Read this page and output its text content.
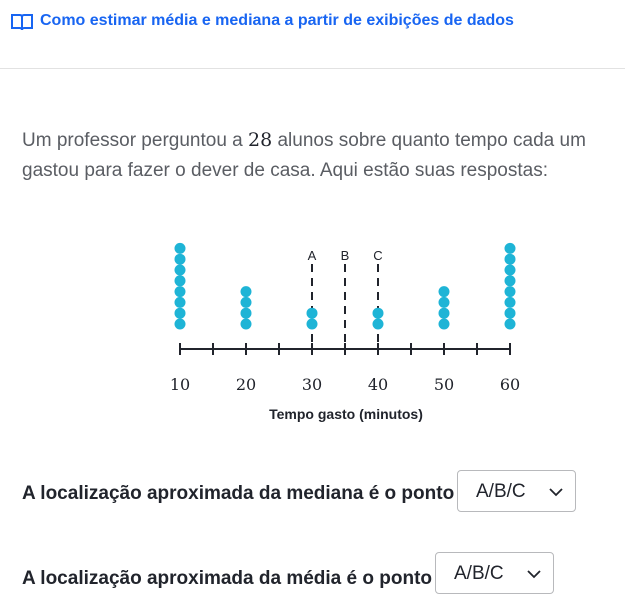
Como estimar média e mediana a partir de exibições de dados
Um professor perguntou a 28 alunos sobre quanto tempo cada um gastou para fazer o dever de casa. Aqui estão suas respostas:
10	20	30	40	50	60
A B C
Tempo gasto (minutos)
A localização aproximada da mediana é o ponto A/B/C
A localização aproximada da média é o ponto A/B/C
